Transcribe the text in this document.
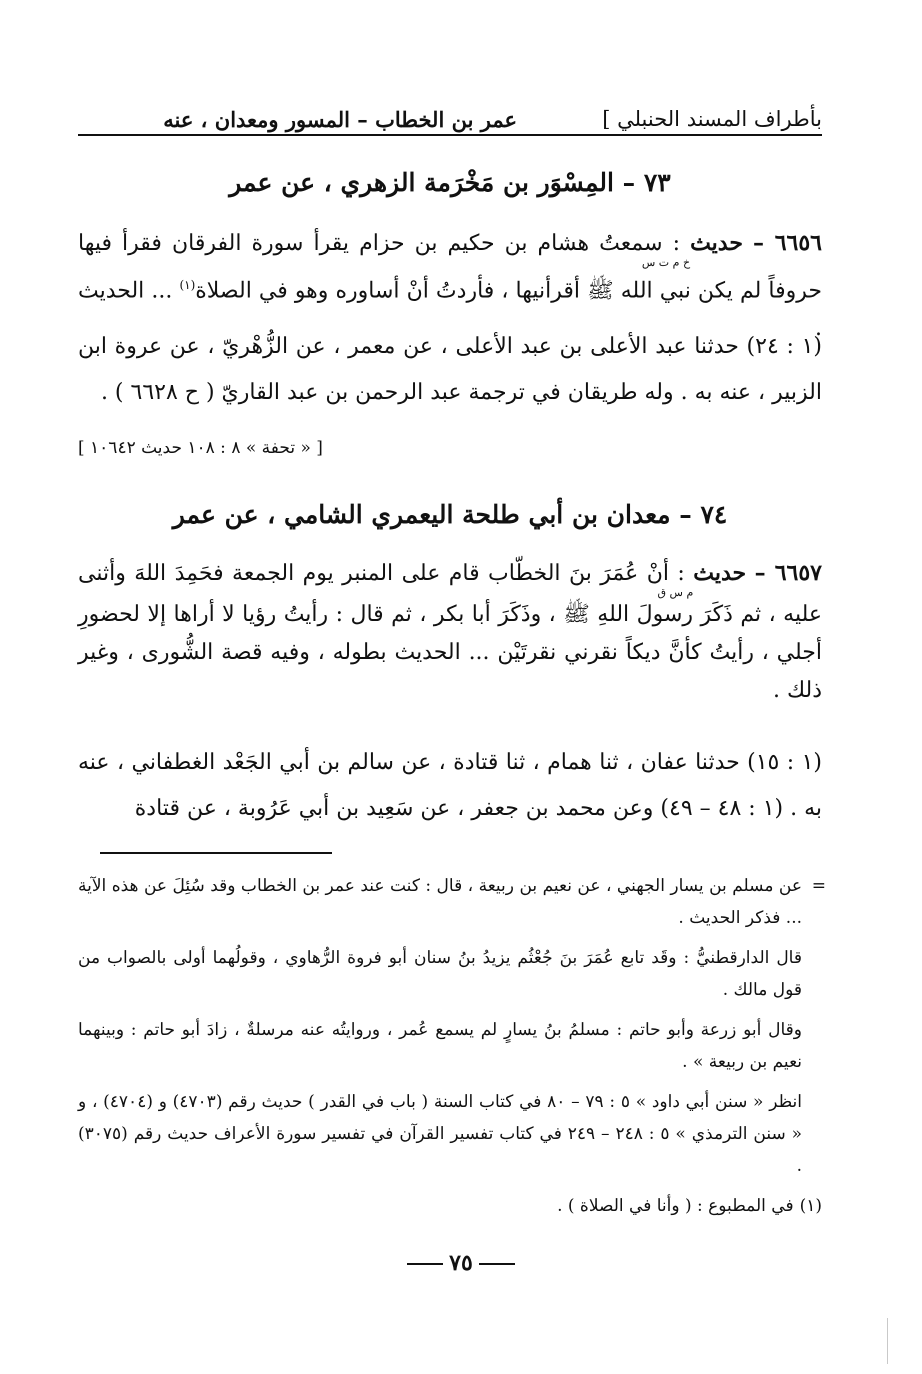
بأطراف المسند الحنبلي ]
عمر بن الخطاب – المسور ومعدان ، عنه
٧٣ – المِسْوَر بن مَخْرَمة الزهري ، عن عمر
٦٦٥٦ – حديثخ م ت س : سمعتُ هشام بن حكيم بن حزام يقرأ سورة الفرقان فقرأ فيها حروفاً لم يكن نبي الله ﷺ أقرأنيها ، فأردتُ أنْ أساوره وهو في الصلاة$^{(١)}$ ... الحديث .
(١ : ٢٤) حدثنا عبد الأعلى بن عبد الأعلى ، عن معمر ، عن الزُّهْريّ ، عن عروة ابن الزبير ، عنه به . وله طريقان في ترجمة عبد الرحمن بن عبد القاريّ ( ح ٦٦٢٨ ) .
[ « تحفة » ٨ : ١٠٨ حديث ١٠٦٤٢ ]
٧٤ – معدان بن أبي طلحة اليعمري الشامي ، عن عمر
٦٦٥٧ – حديثم س ق : أنْ عُمَرَ بنَ الخطّاب قام على المنبر يوم الجمعة فحَمِدَ اللهَ وأثنى عليه ، ثم ذَكَرَ رسولَ اللهِ ﷺ ، وذَكَرَ أبا بكر ، ثم قال : رأيتُ رؤيا لا أراها إلا لحضورِ أجلي ، رأيتُ كأنَّ ديكاً نقرني نقرتَيْن ... الحديث بطوله ، وفيه قصة الشُّورى ، وغير ذلك .
(١ : ١٥) حدثنا عفان ، ثنا همام ، ثنا قتادة ، عن سالم بن أبي الجَعْد الغطفاني ، عنه به . (١ : ٤٨ – ٤٩) وعن محمد بن جعفر ، عن سَعِيد بن أبي عَرُوبة ، عن قتادة
=

عن مسلم بن يسار الجهني ، عن نعيم بن ربيعة ، قال : كنت عند عمر بن الخطاب وقد سُئِلَ عن هذه الآية ... فذكر الحديث .

قال الدارقطنيُّ : وقَد تابع عُمَرَ بنَ جُعْثُم يزيدُ بنُ سنان أبو فروة الرُّهاوي ، وقولُهما أولى بالصواب من قول مالك .

وقال أبو زرعة وأبو حاتم : مسلمُ بنُ يسارٍ لم يسمع عُمر ، وروايتُه عنه مرسلةٌ ، زادَ أبو حاتم : وبينهما نعيم بن ربيعة » .

انظر « سنن أبي داود » ٥ : ٧٩ – ٨٠ في كتاب السنة ( باب في القدر ) حديث رقم (٤٧٠٣) و (٤٧٠٤) ، و « سنن الترمذي » ٥ : ٢٤٨ – ٢٤٩ في كتاب تفسير القرآن في تفسير سورة الأعراف حديث رقم (٣٠٧٥) .

(١)في المطبوع : ( وأنا في الصلاة ) .

٧٥
